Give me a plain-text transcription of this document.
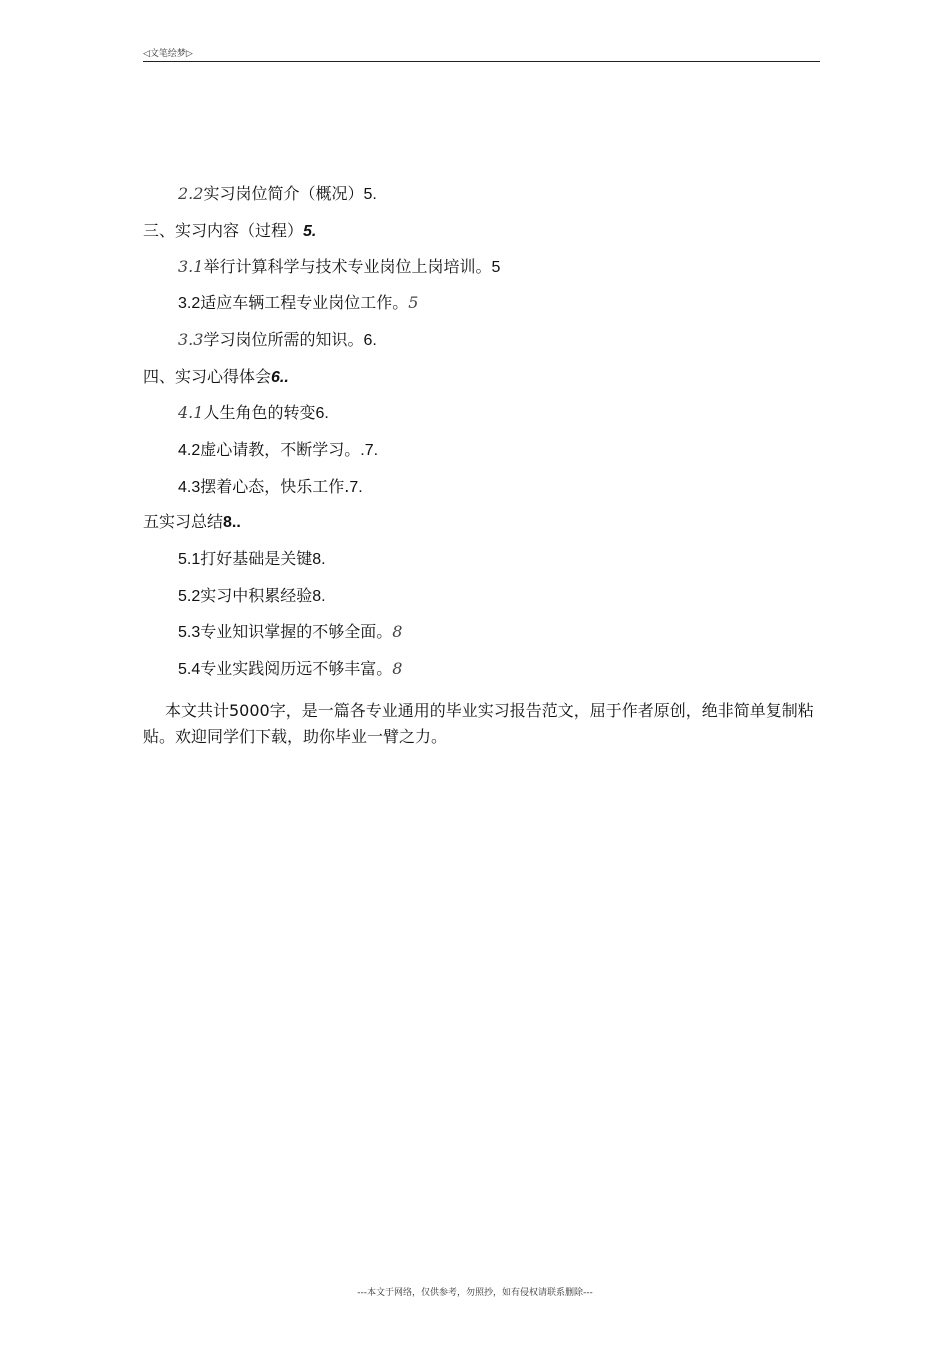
◁文笔绘梦▷
2.2实习岗位简介（概况）5.
三、实习内容（过程）5.
3.1举行计算科学与技术专业岗位上岗培训。5
3.2适应车辆工程专业岗位工作。5
3.3学习岗位所需的知识。6.
四、实习心得体会6..
4.1人生角色的转变6.
4.2虚心请教，不断学习。.7.
4.3摆着心态，快乐工作.7.
五实习总结8..
5.1打好基础是关键8.
5.2实习中积累经验8.
5.3专业知识掌握的不够全面。8
5.4专业实践阅历远不够丰富。8

本文共计5000字，是一篇各专业通用的毕业实习报告范文，屈于作者原创，绝非简单复制粘贴。欢迎同学们下载，助你毕业一臂之力。

---本文于网络，仅供参考，勿照抄，如有侵权请联系删除---
